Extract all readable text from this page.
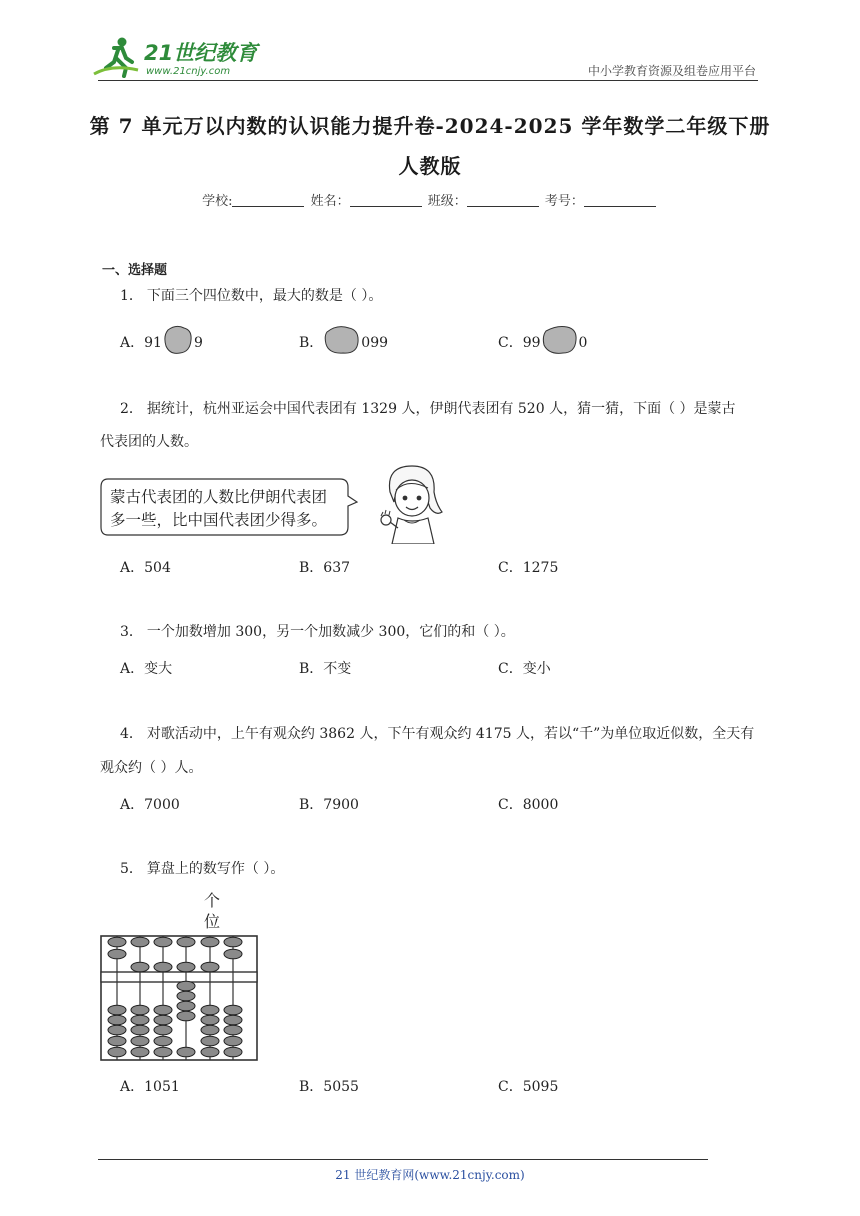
21世纪教育
www.21cnjy.com	中小学教育资源及组卷应用平台
第 7 单元万以内数的认识能力提升卷-2024-2025 学年数学二年级下册
人教版
学校:	姓名：	班级：	考号：
一、选择题
1． 下面三个四位数中，最大的数是（ ）。
A．91 9	B．	099	C．99	0
2． 据统计，杭州亚运会中国代表团有 1329 人，伊朗代表团有 520 人，猜一猜，下面（ ）是蒙古
代表团的人数。
蒙古代表团的人数比伊朗代表团
多一些，比中国代表团少得多。
A．504	B．637	C．1275
3． 一个加数增加 300，另一个加数减少 300，它们的和（ ）。
A．变大	B．不变	C．变小
4． 对歌活动中，上午有观众约 3862 人，下午有观众约 4175 人，若以“千”为单位取近似数，全天有
观众约（ ）人。
A．7000	B．7900	C．8000
5． 算盘上的数写作（ ）。
个
位
A．1051	B．5055	C．5095
21 世纪教育网(www.21cnjy.com)
